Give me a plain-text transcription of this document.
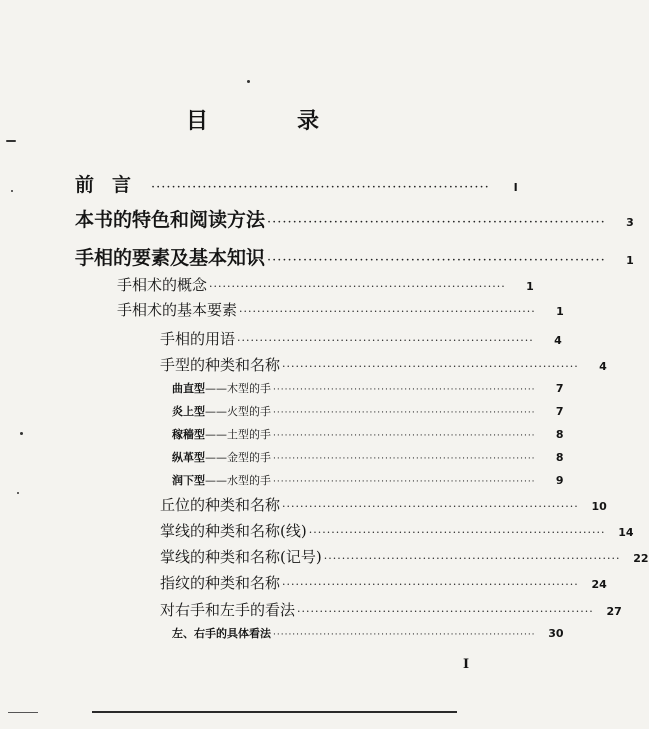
目	录
前言 ··································································	I
本书的特色和阅读方法 ··································································	3
手相的要素及基本知识 ··································································	1
手相术的概念 ··································································	1
手相术的基本要素 ··································································	1
手相的用语 ··································································	4
手型的种类和名称 ··································································	4
曲直型——木型的手 ····································································	7
炎上型——火型的手 ····································································	7
稼穑型——土型的手 ····································································	8
纵革型——金型的手 ····································································	8
润下型——水型的手 ····································································	9
丘位的种类和名称 ··································································	10
掌线的种类和名称(线) ··································································	14
掌线的种类和名称(记号) ··································································	22
指纹的种类和名称 ··································································	24
对右手和左手的看法 ··································································	27
左、右手的具体看法 ····································································	30
I
